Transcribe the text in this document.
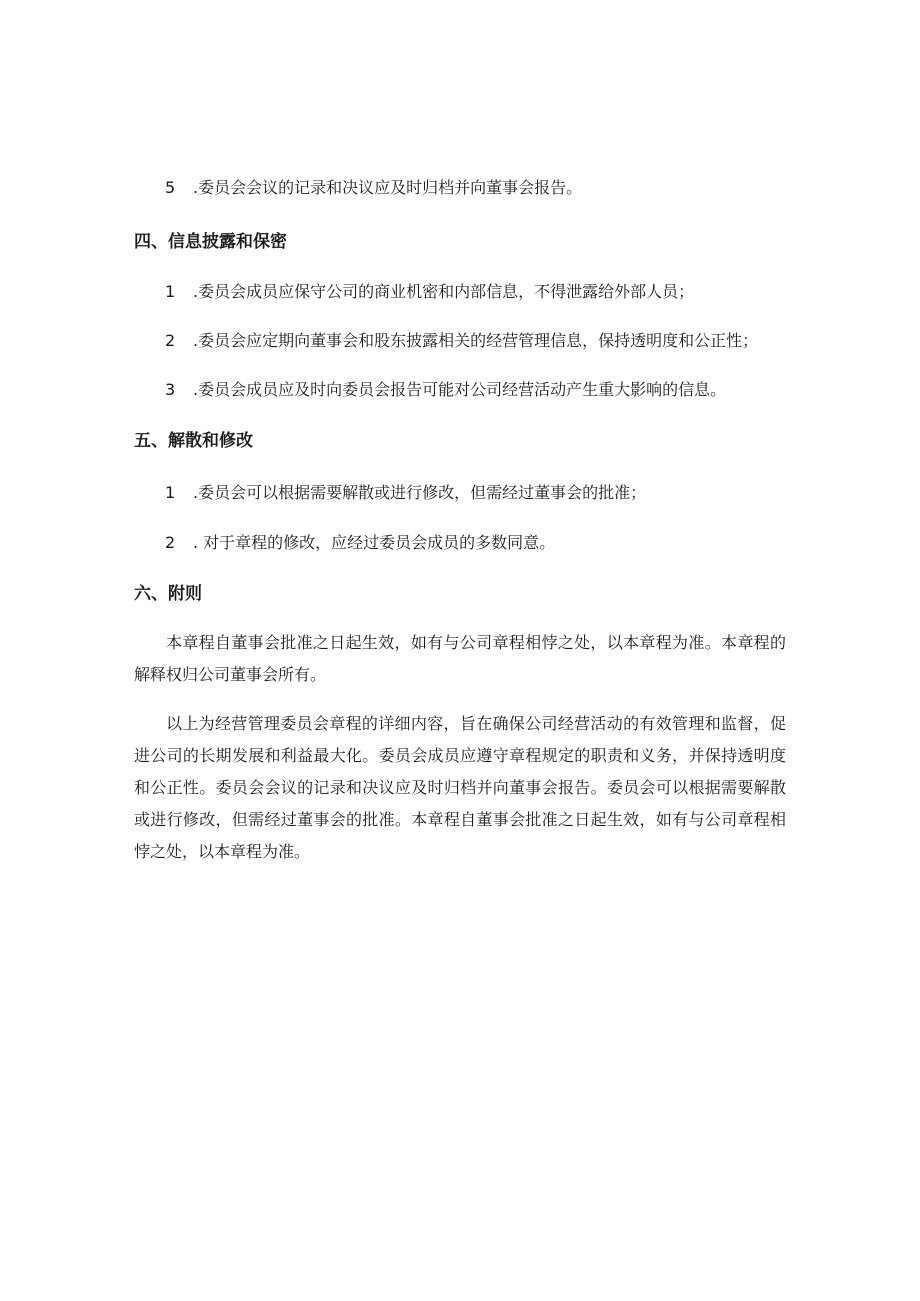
5 .委员会会议的记录和决议应及时归档并向董事会报告。
四、信息披露和保密
1 .委员会成员应保守公司的商业机密和内部信息，不得泄露给外部人员；
2 .委员会应定期向董事会和股东披露相关的经营管理信息，保持透明度和公正性；
3 .委员会成员应及时向委员会报告可能对公司经营活动产生重大影响的信息。
五、解散和修改
1 .委员会可以根据需要解散或进行修改，但需经过董事会的批准；
2 . 对于章程的修改，应经过委员会成员的多数同意。
六、附则
本章程自董事会批准之日起生效，如有与公司章程相悖之处，以本章程为准。本章程的解释权归公司董事会所有。
以上为经营管理委员会章程的详细内容，旨在确保公司经营活动的有效管理和监督，促进公司的长期发展和利益最大化。委员会成员应遵守章程规定的职责和义务，并保持透明度和公正性。委员会会议的记录和决议应及时归档并向董事会报告。委员会可以根据需要解散或进行修改，但需经过董事会的批准。本章程自董事会批准之日起生效，如有与公司章程相悖之处，以本章程为准。
